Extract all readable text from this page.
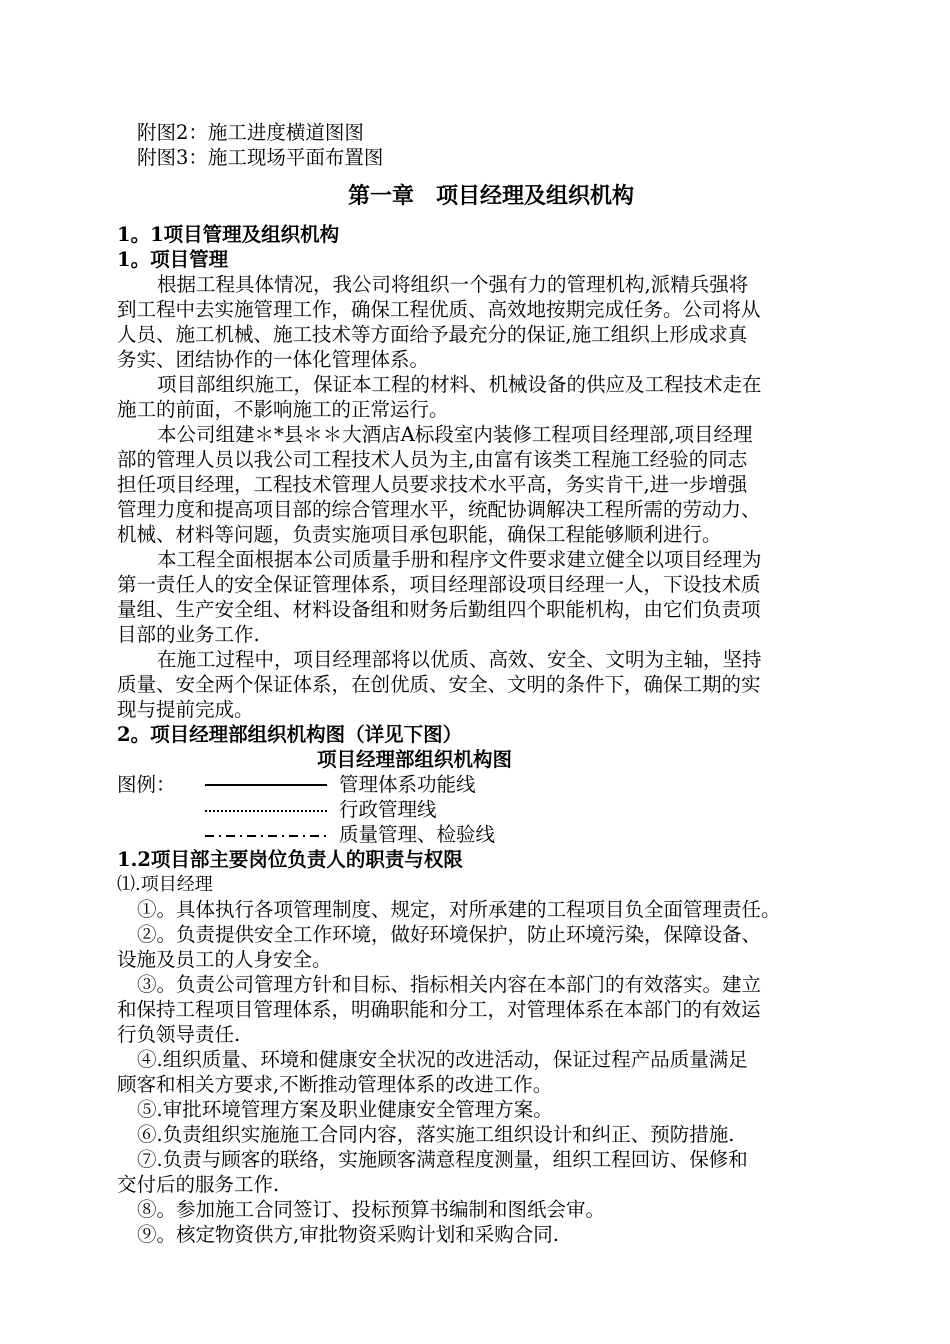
附图2：施工进度横道图图
附图3：施工现场平面布置图
第一章　项目经理及组织机构
1。1项目管理及组织机构
1。项目管理
根据工程具体情况，我公司将组织一个强有力的管理机构,派精兵强将
到工程中去实施管理工作，确保工程优质、高效地按期完成任务。公司将从
人员、施工机械、施工技术等方面给予最充分的保证,施工组织上形成求真
务实、团结协作的一体化管理体系。
项目部组织施工，保证本工程的材料、机械设备的供应及工程技术走在
施工的前面，不影响施工的正常运行。
本公司组建＊*县＊＊大酒店A标段室内装修工程项目经理部,项目经理
部的管理人员以我公司工程技术人员为主,由富有该类工程施工经验的同志
担任项目经理，工程技术管理人员要求技术水平高，务实肯干,进一步增强
管理力度和提高项目部的综合管理水平，统配协调解决工程所需的劳动力、
机械、材料等问题，负责实施项目承包职能，确保工程能够顺利进行。
本工程全面根据本公司质量手册和程序文件要求建立健全以项目经理为
第一责任人的安全保证管理体系，项目经理部设项目经理一人，下设技术质
量组、生产安全组、材料设备组和财务后勤组四个职能机构，由它们负责项
目部的业务工作.
在施工过程中，项目经理部将以优质、高效、安全、文明为主轴，坚持
质量、安全两个保证体系，在创优质、安全、文明的条件下，确保工期的实
现与提前完成。
2。项目经理部组织机构图（详见下图）
项目经理部组织机构图
图例：	管理体系功能线
行政管理线
质量管理、检验线
1.2项目部主要岗位负责人的职责与权限
⑴.项目经理
①。具体执行各项管理制度、规定，对所承建的工程项目负全面管理责任。
②。负责提供安全工作环境，做好环境保护，防止环境污染，保障设备、
设施及员工的人身安全。
③。负责公司管理方针和目标、指标相关内容在本部门的有效落实。建立
和保持工程项目管理体系，明确职能和分工，对管理体系在本部门的有效运
行负领导责任.
④.组织质量、环境和健康安全状况的改进活动，保证过程产品质量满足
顾客和相关方要求,不断推动管理体系的改进工作。
⑤.审批环境管理方案及职业健康安全管理方案。
⑥.负责组织实施施工合同内容，落实施工组织设计和纠正、预防措施.
⑦.负责与顾客的联络，实施顾客满意程度测量，组织工程回访、保修和
交付后的服务工作.
⑧。参加施工合同签订、投标预算书编制和图纸会审。
⑨。核定物资供方,审批物资采购计划和采购合同.
